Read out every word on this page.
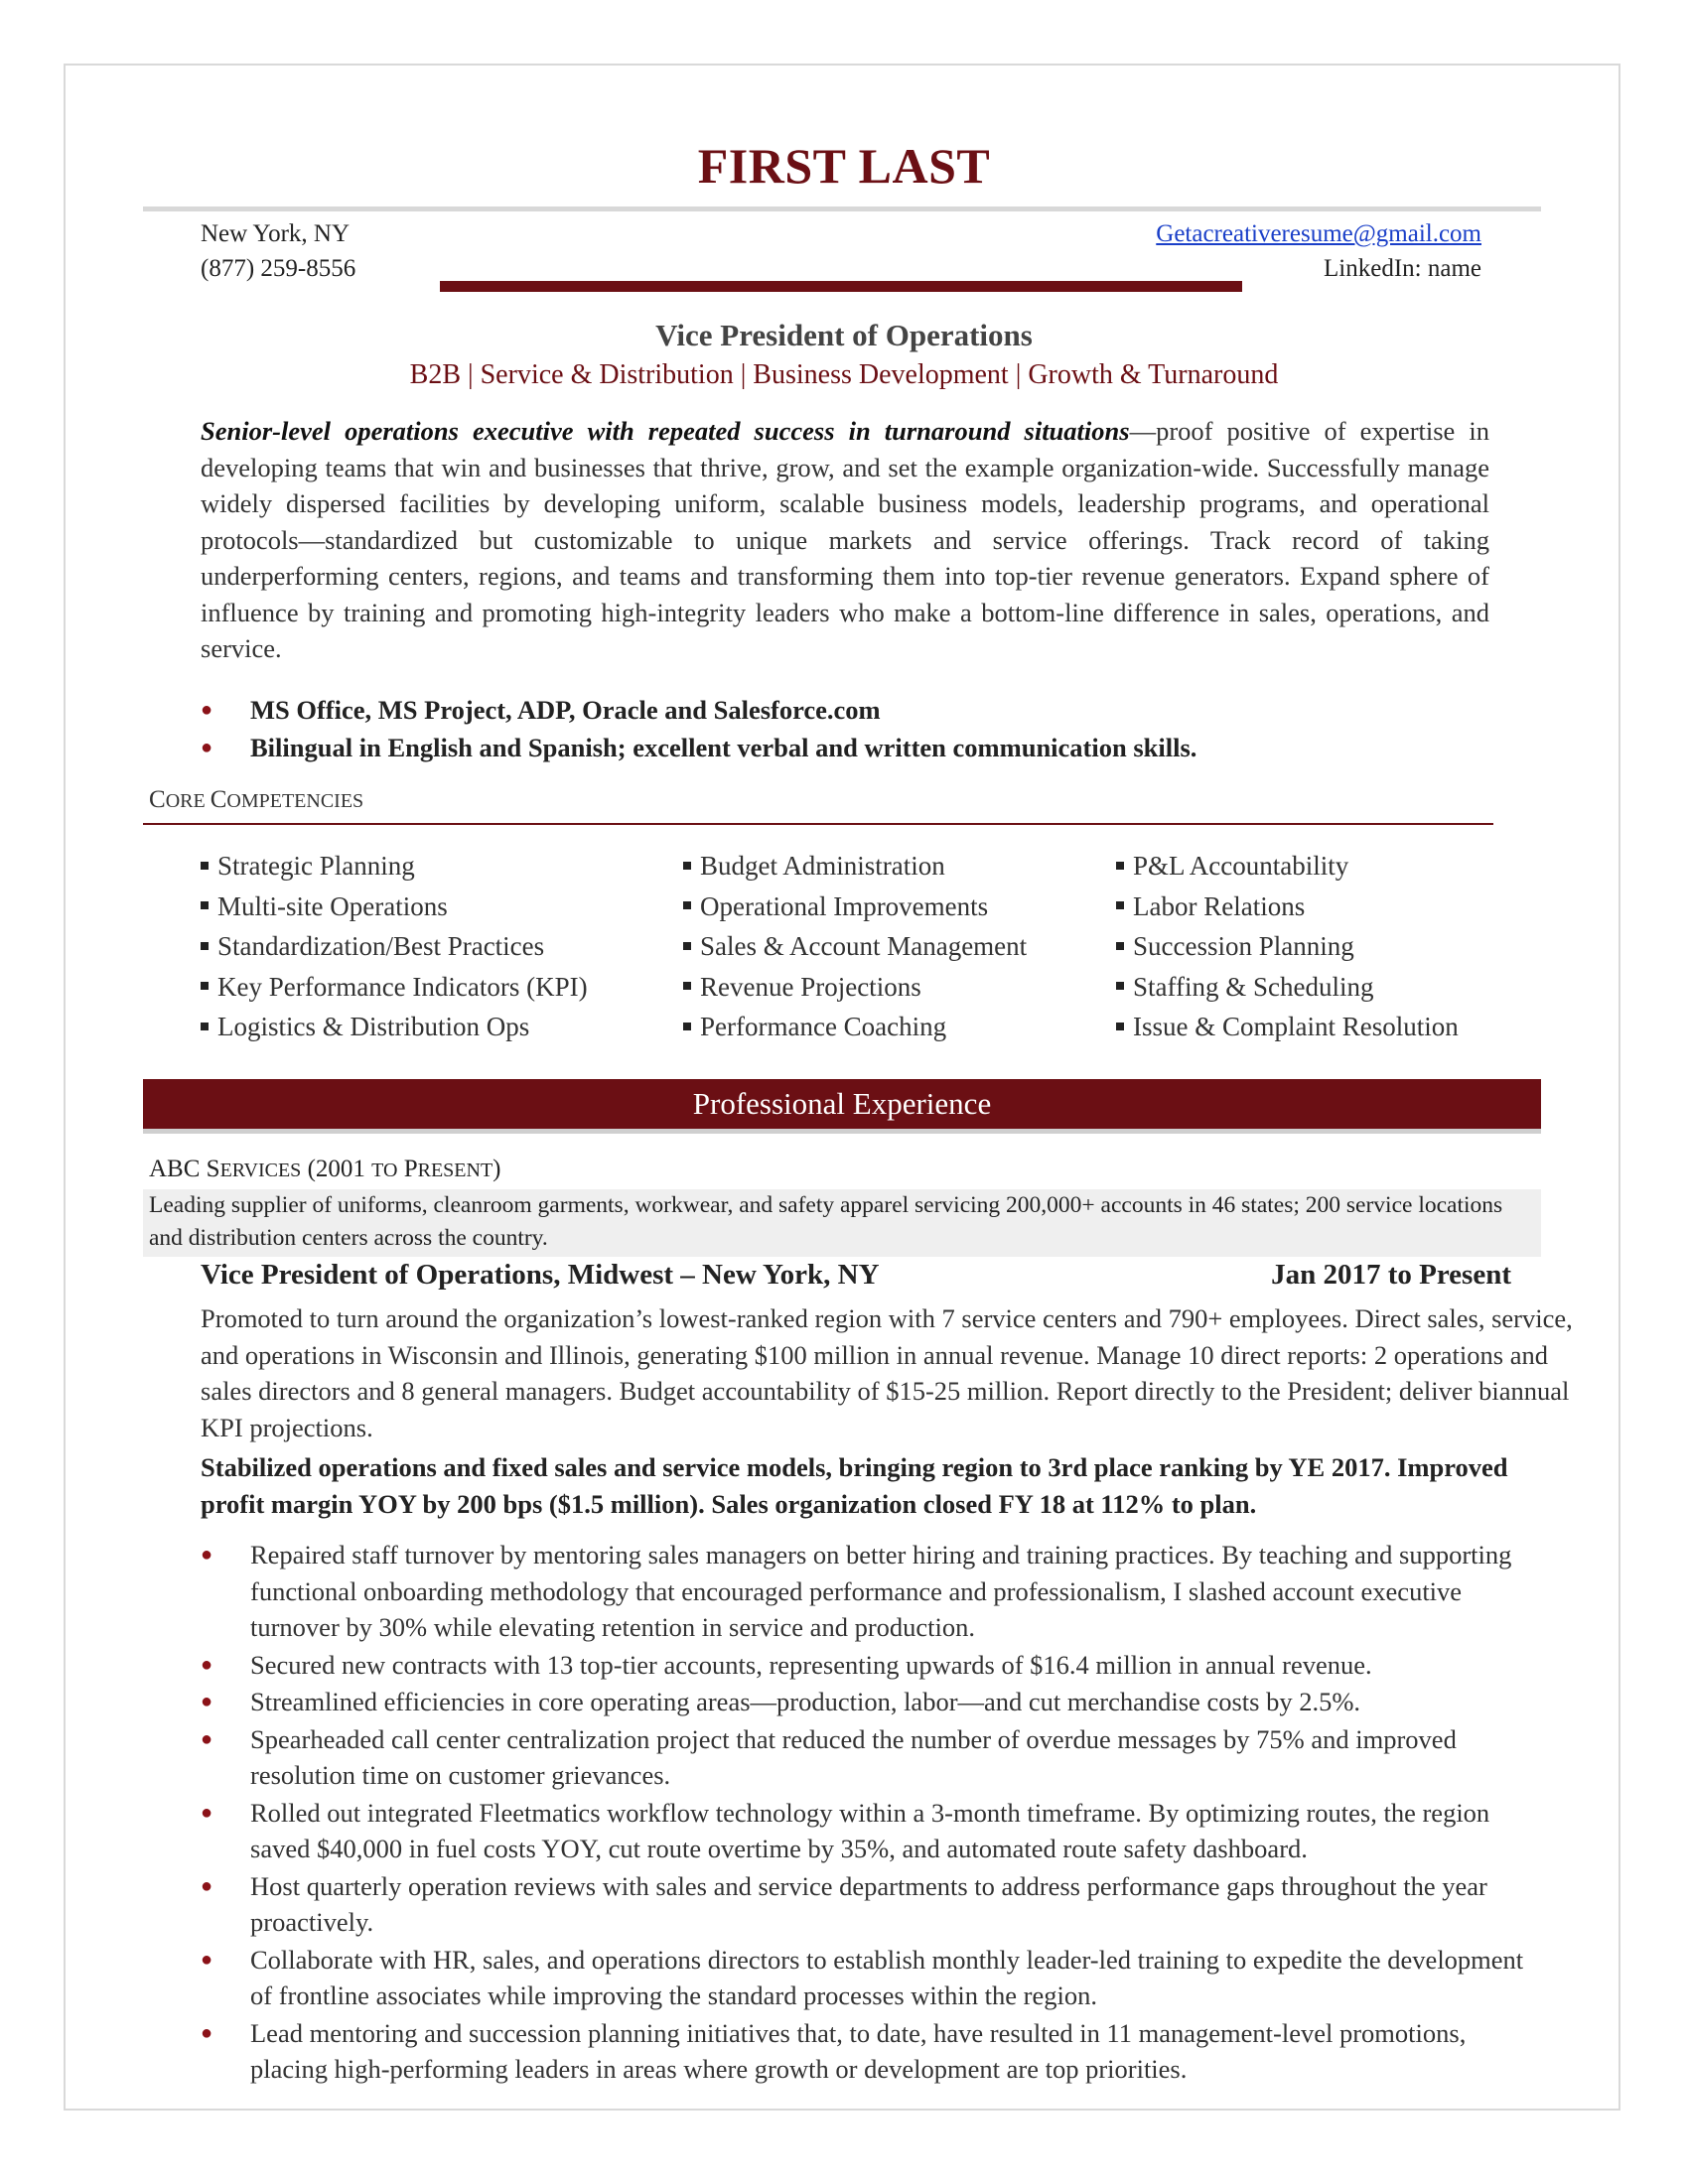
FIRST LAST
New York, NY
(877) 259-8556
Getacreativeresume@gmail.com
LinkedIn: name
Vice President of Operations
B2B | Service & Distribution | Business Development | Growth & Turnaround
Senior-level operations executive with repeated success in turnaround situations—proof positive of expertise in developing teams that win and businesses that thrive, grow, and set the example organization-wide. Successfully manage widely dispersed facilities by developing uniform, scalable business models, leadership programs, and operational protocols—standardized but customizable to unique markets and service offerings. Track record of taking underperforming centers, regions, and teams and transforming them into top-tier revenue generators. Expand sphere of influence by training and promoting high-integrity leaders who make a bottom-line difference in sales, operations, and service.
● MS Office, MS Project, ADP, Oracle and Salesforce.com
● Bilingual in English and Spanish; excellent verbal and written communication skills.
CORE COMPETENCIES
Strategic Planning
Multi-site Operations
Standardization/Best Practices
Key Performance Indicators (KPI)
Logistics & Distribution Ops
Budget Administration
Operational Improvements
Sales & Account Management
Revenue Projections
Performance Coaching
P&L Accountability
Labor Relations
Succession Planning
Staffing & Scheduling
Issue & Complaint Resolution
Professional Experience
ABC SERVICES (2001 TO PRESENT)
Leading supplier of uniforms, cleanroom garments, workwear, and safety apparel servicing 200,000+ accounts in 46 states; 200 service locations and distribution centers across the country.
Vice President of Operations, Midwest – New York, NY	Jan 2017 to Present
Promoted to turn around the organization’s lowest-ranked region with 7 service centers and 790+ employees. Direct sales, service, and operations in Wisconsin and Illinois, generating $100 million in annual revenue. Manage 10 direct reports: 2 operations and sales directors and 8 general managers. Budget accountability of $15-25 million. Report directly to the President; deliver biannual KPI projections.
Stabilized operations and fixed sales and service models, bringing region to 3rd place ranking by YE 2017. Improved profit margin YOY by 200 bps ($1.5 million). Sales organization closed FY 18 at 112% to plan.
● Repaired staff turnover by mentoring sales managers on better hiring and training practices. By teaching and supporting functional onboarding methodology that encouraged performance and professionalism, I slashed account executive turnover by 30% while elevating retention in service and production.
● Secured new contracts with 13 top-tier accounts, representing upwards of $16.4 million in annual revenue.
● Streamlined efficiencies in core operating areas—production, labor—and cut merchandise costs by 2.5%.
● Spearheaded call center centralization project that reduced the number of overdue messages by 75% and improved resolution time on customer grievances.
● Rolled out integrated Fleetmatics workflow technology within a 3-month timeframe. By optimizing routes, the region saved $40,000 in fuel costs YOY, cut route overtime by 35%, and automated route safety dashboard.
● Host quarterly operation reviews with sales and service departments to address performance gaps throughout the year proactively.
● Collaborate with HR, sales, and operations directors to establish monthly leader-led training to expedite the development of frontline associates while improving the standard processes within the region.
● Lead mentoring and succession planning initiatives that, to date, have resulted in 11 management-level promotions, placing high-performing leaders in areas where growth or development are top priorities.
